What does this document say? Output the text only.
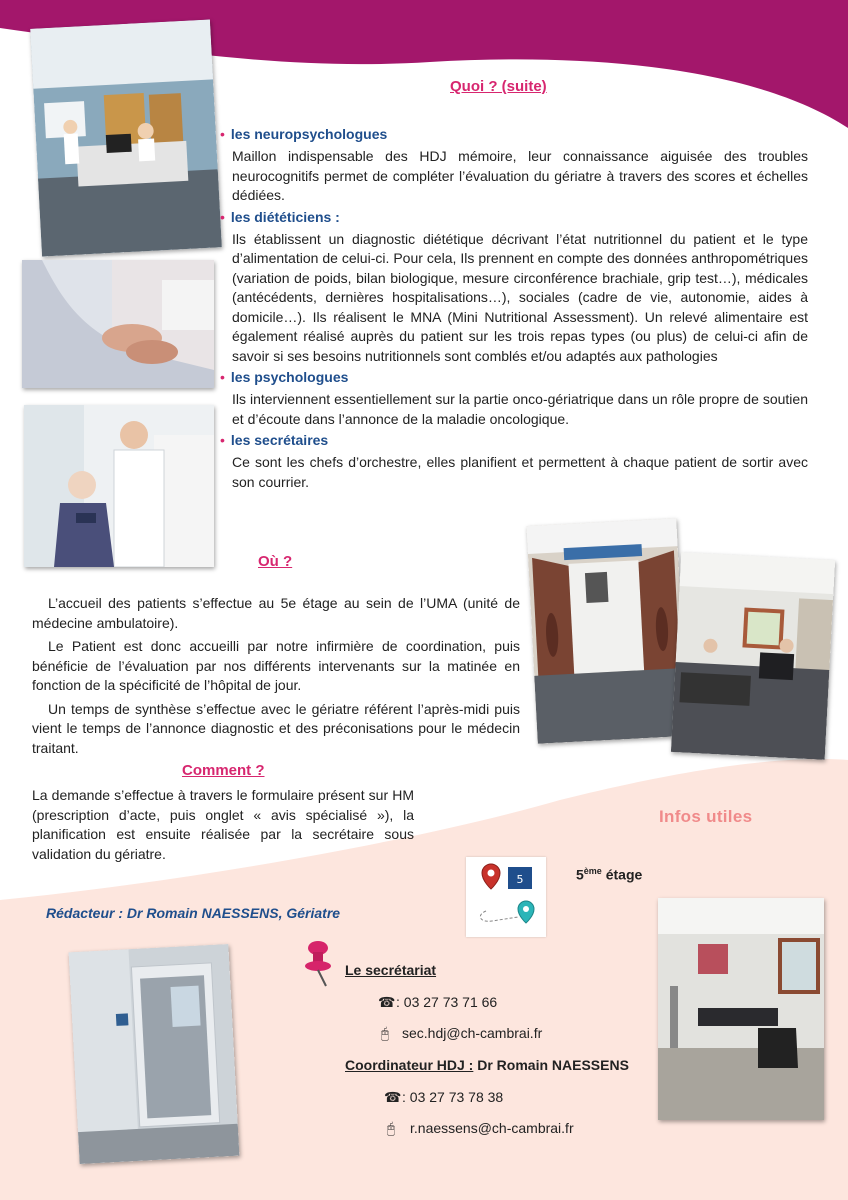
Quoi ? (suite)
• les neuropsychologues
Maillon indispensable des HDJ mémoire, leur connaissance aiguisée des troubles neurocognitifs permet de compléter l’évaluation du gériatre à travers des scores et échelles dédiées.
• les diététiciens :
Ils établissent un diagnostic diététique décrivant l’état nutritionnel du patient et le type d’alimentation de celui-ci. Pour cela, Ils prennent en compte des données anthropométriques (variation de poids, bilan biologique, mesure circonférence brachiale, grip test…), médicales (antécédents, dernières hospitalisations…), sociales (cadre de vie, autonomie, aides à domicile…). Ils réalisent le MNA (Mini Nutritional Assessment). Un relevé alimentaire est également réalisé auprès du patient sur les trois repas types (ou plus) de celui-ci afin de savoir si ses besoins nutritionnels sont comblés et/ou adaptés aux pathologies
• les psychologues
Ils interviennent essentiellement sur la partie onco-gériatrique dans un rôle propre de soutien et d’écoute dans l’annonce de la maladie oncologique.
• les secrétaires
Ce sont les chefs d’orchestre, elles planifient et permettent à chaque patient de sortir avec son courrier.
Où ?
L’accueil des patients s’effectue au 5e étage au sein de l’UMA (unité de médecine ambulatoire).
Le Patient est donc accueilli par notre infirmière de coordination, puis bénéficie de l’évaluation par nos différents intervenants sur la matinée en fonction de la spécificité de l’hôpital de jour.
Un temps de synthèse s’effectue avec le gériatre référent l’après-midi puis vient le temps de l’annonce diagnostic et des préconisations pour le médecin traitant.
Comment ?
La demande s’effectue à travers le formulaire présent sur HM (prescription d’acte, puis onglet « avis spécialisé »), la planification est ensuite réalisée par la secrétaire sous validation du gériatre.
Rédacteur : Dr Romain NAESSENS, Gériatre
Infos utiles
5	5ème étage
Le secrétariat
☎: 03 27 73 71 66
🖰 sec.hdj@ch-cambrai.fr
Coordinateur HDJ : Dr Romain NAESSENS
☎: 03 27 73 78 38
🖰 r.naessens@ch-cambrai.fr
